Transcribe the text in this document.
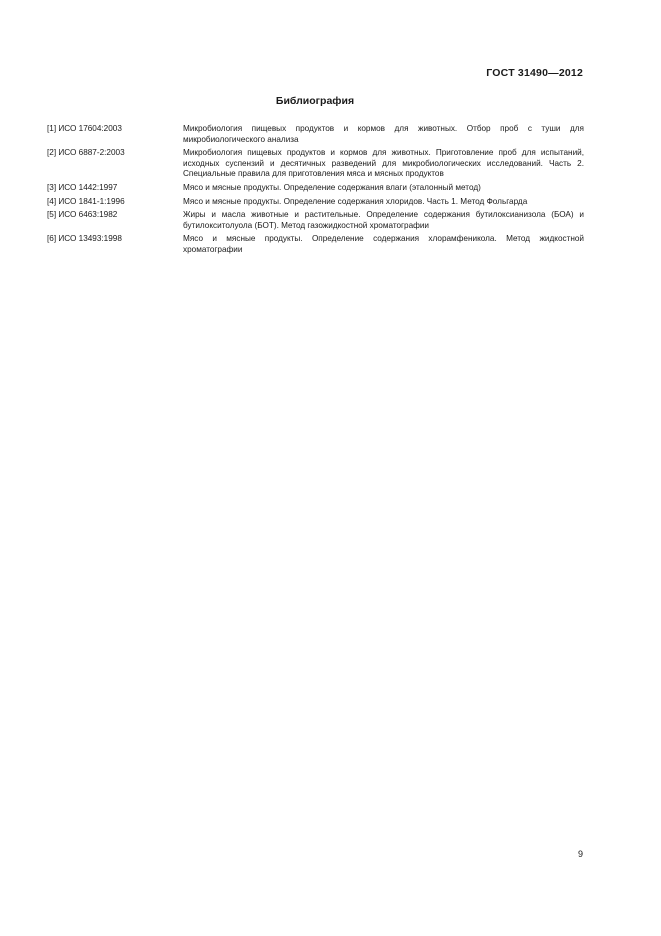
ГОСТ 31490—2012
Библиография
[1] ИСО 17604:2003	Микробиология пищевых продуктов и кормов для животных. Отбор проб с туши для микробиологического анализа
[2] ИСО 6887-2:2003	Микробиология пищевых продуктов и кормов для животных. Приготовление проб для испытаний, исходных суспензий и десятичных разведений для микробиологических исследований. Часть 2. Специальные правила для приготовления мяса и мясных продуктов
[3] ИСО 1442:1997	Мясо и мясные продукты. Определение содержания влаги (эталонный метод)
[4] ИСО 1841-1:1996	Мясо и мясные продукты. Определение содержания хлоридов. Часть 1. Метод Фольгарда
[5] ИСО 6463:1982	Жиры и масла животные и растительные. Определение содержания бутилоксианизола (БОА) и бутилокситолуола (БОТ). Метод газожидкостной хроматографии
[6] ИСО 13493:1998	Мясо и мясные продукты. Определение содержания хлорамфеникола. Метод жидкостной хроматографии
9
